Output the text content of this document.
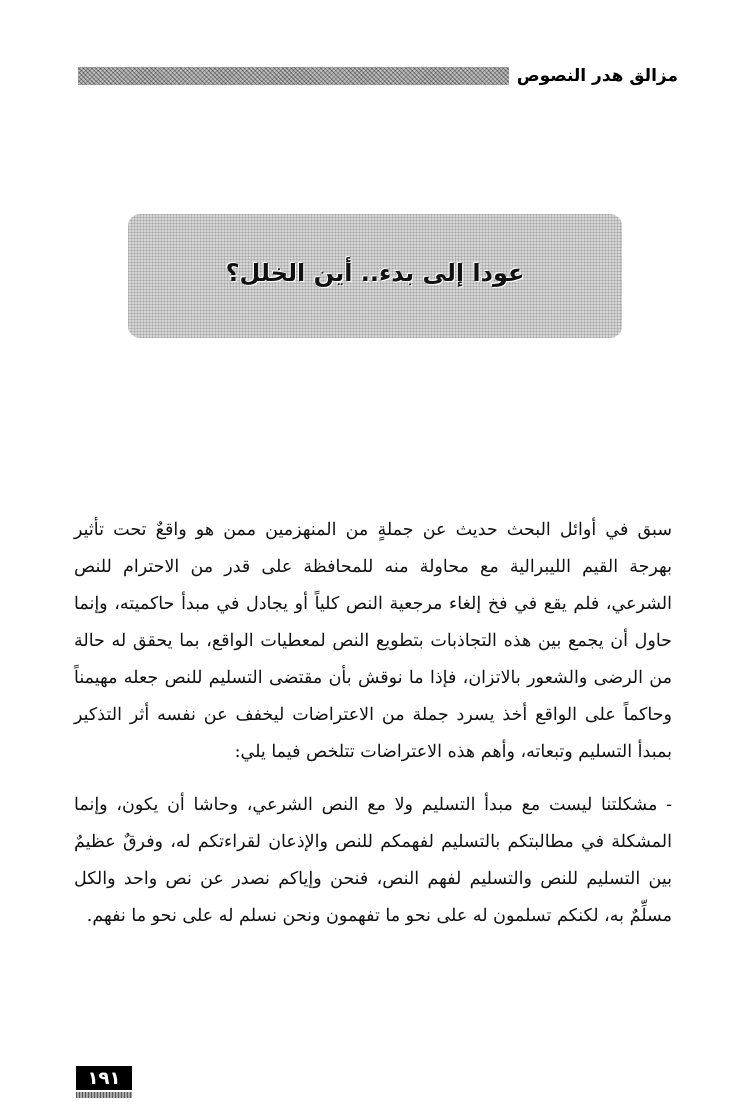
مزالق هدر النصوص
عودا إلى بدء.. أين الخلل؟

سبق في أوائل البحث حديث عن جملةٍ من المنهزمين ممن هو واقعٌ تحت تأثير بهرجة القيم الليبرالية مع محاولة منه للمحافظة على قدر من الاحترام للنص الشرعي، فلم يقع في فخ إلغاء مرجعية النص كلياً أو يجادل في مبدأ حاكميته، وإنما حاول أن يجمع بين هذه التجاذبات بتطويع النص لمعطيات الواقع، بما يحقق له حالة من الرضى والشعور بالاتزان، فإذا ما نوقش بأن مقتضى التسليم للنص جعله مهيمناً وحاكماً على الواقع أخذ يسرد جملة من الاعتراضات ليخفف عن نفسه أثر التذكير بمبدأ التسليم وتبعاته، وأهم هذه الاعتراضات تتلخص فيما يلي:

- مشكلتنا ليست مع مبدأ التسليم ولا مع النص الشرعي، وحاشا أن يكون، وإنما المشكلة في مطالبتكم بالتسليم لفهمكم للنص والإذعان لقراءتكم له، وفرقٌ عظيمٌ بين التسليم للنص والتسليم لفهم النص، فنحن وإياكم نصدر عن نص واحد والكل مسلِّمٌ به، لكنكم تسلمون له على نحو ما تفهمون ونحن نسلم له على نحو ما نفهم.

١٩١
